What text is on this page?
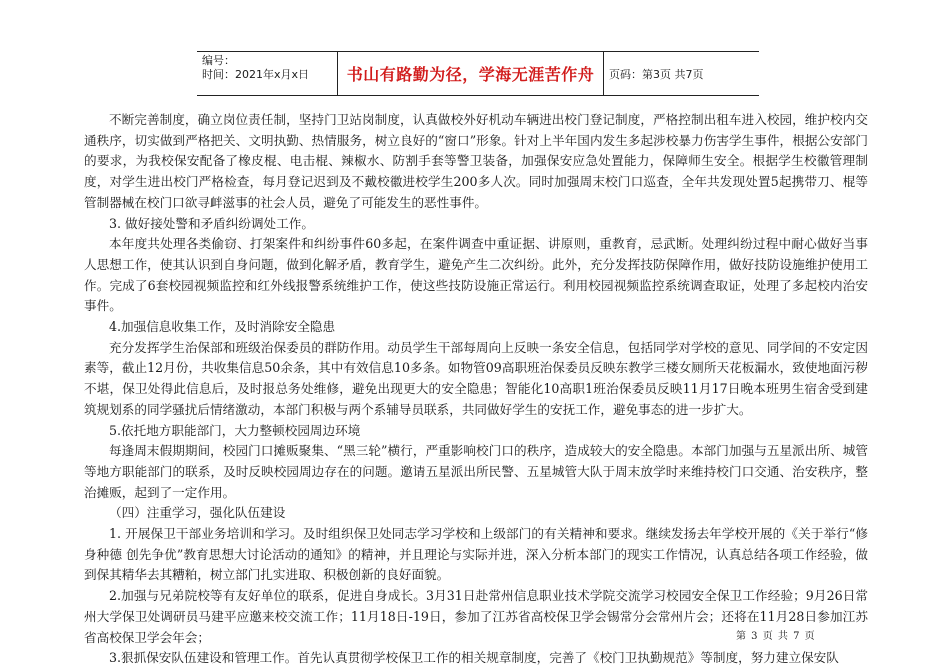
编号：
时间：2021年x月x日	书山有路勤为径，学海无涯苦作舟	页码：第3页 共7页

不断完善制度，确立岗位责任制，坚持门卫站岗制度，认真做校外好机动车辆进出校门登记制度，严格控制出租车进入校园，维护校内交通秩序，切实做到严格把关、文明执勤、热情服务，树立良好的“窗口”形象。针对上半年国内发生多起涉校暴力伤害学生事件，根据公安部门的要求，为我校保安配备了橡皮棍、电击棍、辣椒水、防割手套等警卫装备，加强保安应急处置能力，保障师生安全。根据学生校徽管理制度，对学生进出校门严格检查，每月登记迟到及不戴校徽进校学生200多人次。同时加强周末校门口巡查，全年共发现处置5起携带刀、棍等管制器械在校门口欲寻衅滋事的社会人员，避免了可能发生的恶性事件。

3. 做好接处警和矛盾纠纷调处工作。

本年度共处理各类偷窃、打架案件和纠纷事件60多起，在案件调查中重证据、讲原则，重教育，忌武断。处理纠纷过程中耐心做好当事人思想工作，使其认识到自身问题，做到化解矛盾，教育学生，避免产生二次纠纷。此外，充分发挥技防保障作用，做好技防设施维护使用工作。完成了6套校园视频监控和红外线报警系统维护工作，使这些技防设施正常运行。利用校园视频监控系统调查取证，处理了多起校内治安事件。

4.加强信息收集工作，及时消除安全隐患

充分发挥学生治保部和班级治保委员的群防作用。动员学生干部每周向上反映一条安全信息，包括同学对学校的意见、同学间的不安定因素等，截止12月份，共收集信息50余条，其中有效信息10多条。如物管09高职班治保委员反映东教学三楼女厕所天花板漏水，致使地面污秽不堪，保卫处得此信息后，及时报总务处维修，避免出现更大的安全隐患；智能化10高职1班治保委员反映11月17日晚本班男生宿舍受到建筑规划系的同学骚扰后情绪激动，本部门积极与两个系辅导员联系，共同做好学生的安抚工作，避免事态的进一步扩大。

5.依托地方职能部门，大力整顿校园周边环境

每逢周末假期期间，校园门口摊贩聚集、“黑三轮”横行，严重影响校门口的秩序，造成较大的安全隐患。本部门加强与五星派出所、城管等地方职能部门的联系，及时反映校园周边存在的问题。邀请五星派出所民警、五星城管大队于周末放学时来维持校门口交通、治安秩序，整治摊贩，起到了一定作用。

（四）注重学习，强化队伍建设

1. 开展保卫干部业务培训和学习。及时组织保卫处同志学习学校和上级部门的有关精神和要求。继续发扬去年学校开展的《关于举行“修身种德 创先争优”教育思想大讨论活动的通知》的精神，并且理论与实际并进，深入分析本部门的现实工作情况，认真总结各项工作经验，做到保其精华去其糟粕，树立部门扎实进取、积极创新的良好面貌。

2.加强与兄弟院校等有友好单位的联系，促进自身成长。3月31日赴常州信息职业技术学院交流学习校园安全保卫工作经验；9月26日常州大学保卫处调研员马建平应邀来校交流工作；11月18日-19日，参加了江苏省高校保卫学会锡常分会常州片会；还将在11月28日参加江苏省高校保卫学会年会；

3.狠抓保安队伍建设和管理工作。首先认真贯彻学校保卫工作的相关规章制度，完善了《校门卫执勤规范》等制度，努力建立保安队

第 3 页 共 7 页
